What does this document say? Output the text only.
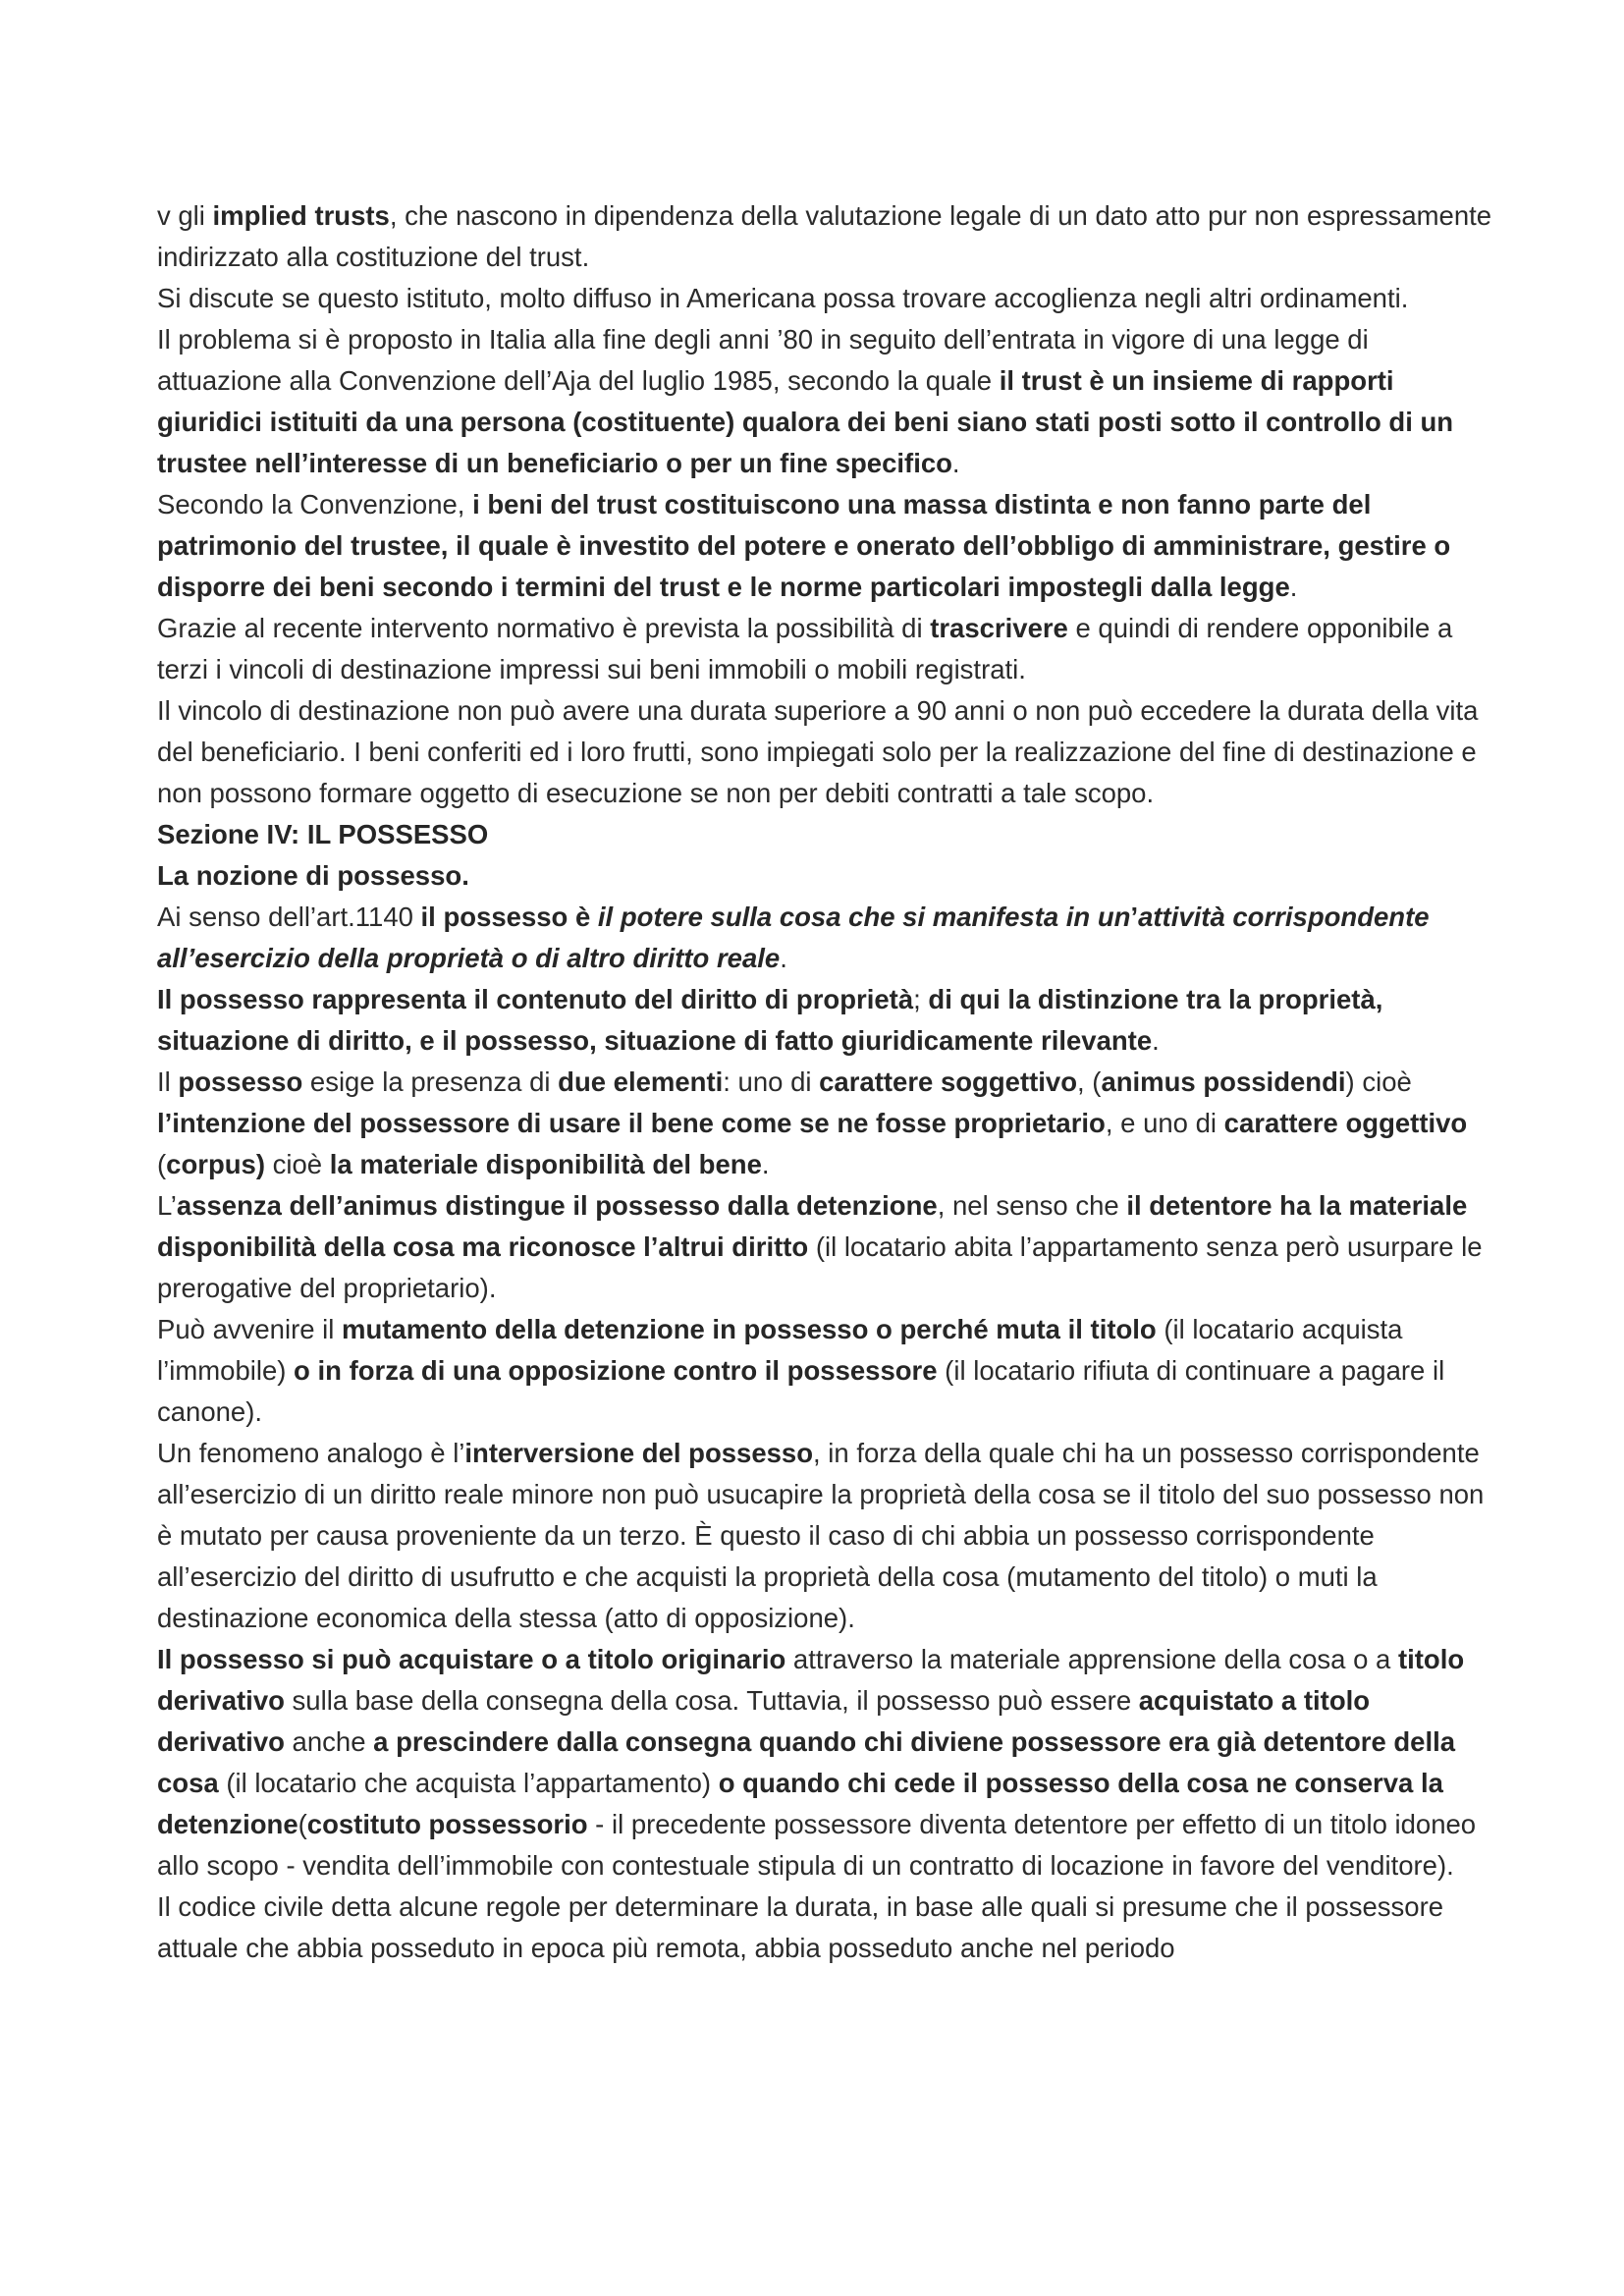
v gli implied trusts, che nascono in dipendenza della valutazione legale di un dato atto pur non espressamente indirizzato alla costituzione del trust.

Si discute se questo istituto, molto diffuso in Americana possa trovare accoglienza negli altri ordinamenti.

Il problema si è proposto in Italia alla fine degli anni ’80 in seguito dell’entrata in vigore di una legge di attuazione alla Convenzione dell’Aja del luglio 1985, secondo la quale il trust è un insieme di rapporti giuridici istituiti da una persona (costituente) qualora dei beni siano stati posti sotto il controllo di un trustee nell’interesse di un beneficiario o per un fine specifico.

Secondo la Convenzione, i beni del trust costituiscono una massa distinta e non fanno parte del patrimonio del trustee, il quale è investito del potere e onerato dell’obbligo di amministrare, gestire o disporre dei beni secondo i termini del trust e le norme particolari impostegli dalla legge.

Grazie al recente intervento normativo è prevista la possibilità di trascrivere e quindi di rendere opponibile a terzi i vincoli di destinazione impressi sui beni immobili o mobili registrati.

Il vincolo di destinazione non può avere una durata superiore a 90 anni o non può eccedere la durata della vita del beneficiario. I beni conferiti ed i loro frutti, sono impiegati solo per la realizzazione del fine di destinazione e non possono formare oggetto di esecuzione se non per debiti contratti a tale scopo.

Sezione IV: IL POSSESSO

La nozione di possesso.

Ai senso dell’art.1140 il possesso è il potere sulla cosa che si manifesta in un’attività corrispondente all’esercizio della proprietà o di altro diritto reale.

Il possesso rappresenta il contenuto del diritto di proprietà; di qui la distinzione tra la proprietà, situazione di diritto, e il possesso, situazione di fatto giuridicamente rilevante.

Il possesso esige la presenza di due elementi: uno di carattere soggettivo, (animus possidendi) cioè l’intenzione del possessore di usare il bene come se ne fosse proprietario, e uno di carattere oggettivo (corpus) cioè la materiale disponibilità del bene.

L’assenza dell’animus distingue il possesso dalla detenzione, nel senso che il detentore ha la materiale disponibilità della cosa ma riconosce l’altrui diritto (il locatario abita l’appartamento senza però usurpare le prerogative del proprietario).

Può avvenire il mutamento della detenzione in possesso o perché muta il titolo (il locatario acquista l’immobile) o in forza di una opposizione contro il possessore (il locatario rifiuta di continuare a pagare il canone).

Un fenomeno analogo è l’interversione del possesso, in forza della quale chi ha un possesso corrispondente all’esercizio di un diritto reale minore non può usucapire la proprietà della cosa se il titolo del suo possesso non è mutato per causa proveniente da un terzo. È questo il caso di chi abbia un possesso corrispondente all’esercizio del diritto di usufrutto e che acquisti la proprietà della cosa (mutamento del titolo) o muti la destinazione economica della stessa (atto di opposizione).

Il possesso si può acquistare o a titolo originario attraverso la materiale apprensione della cosa o a titolo derivativo sulla base della consegna della cosa. Tuttavia, il possesso può essere acquistato a titolo derivativo anche a prescindere dalla consegna quando chi diviene possessore era già detentore della cosa (il locatario che acquista l’appartamento) o quando chi cede il possesso della cosa ne conserva la detenzione(costituto possessorio - il precedente possessore diventa detentore per effetto di un titolo idoneo allo scopo - vendita dell’immobile con contestuale stipula di un contratto di locazione in favore del venditore).

Il codice civile detta alcune regole per determinare la durata, in base alle quali si presume che il possessore attuale che abbia posseduto in epoca più remota, abbia posseduto anche nel periodo
